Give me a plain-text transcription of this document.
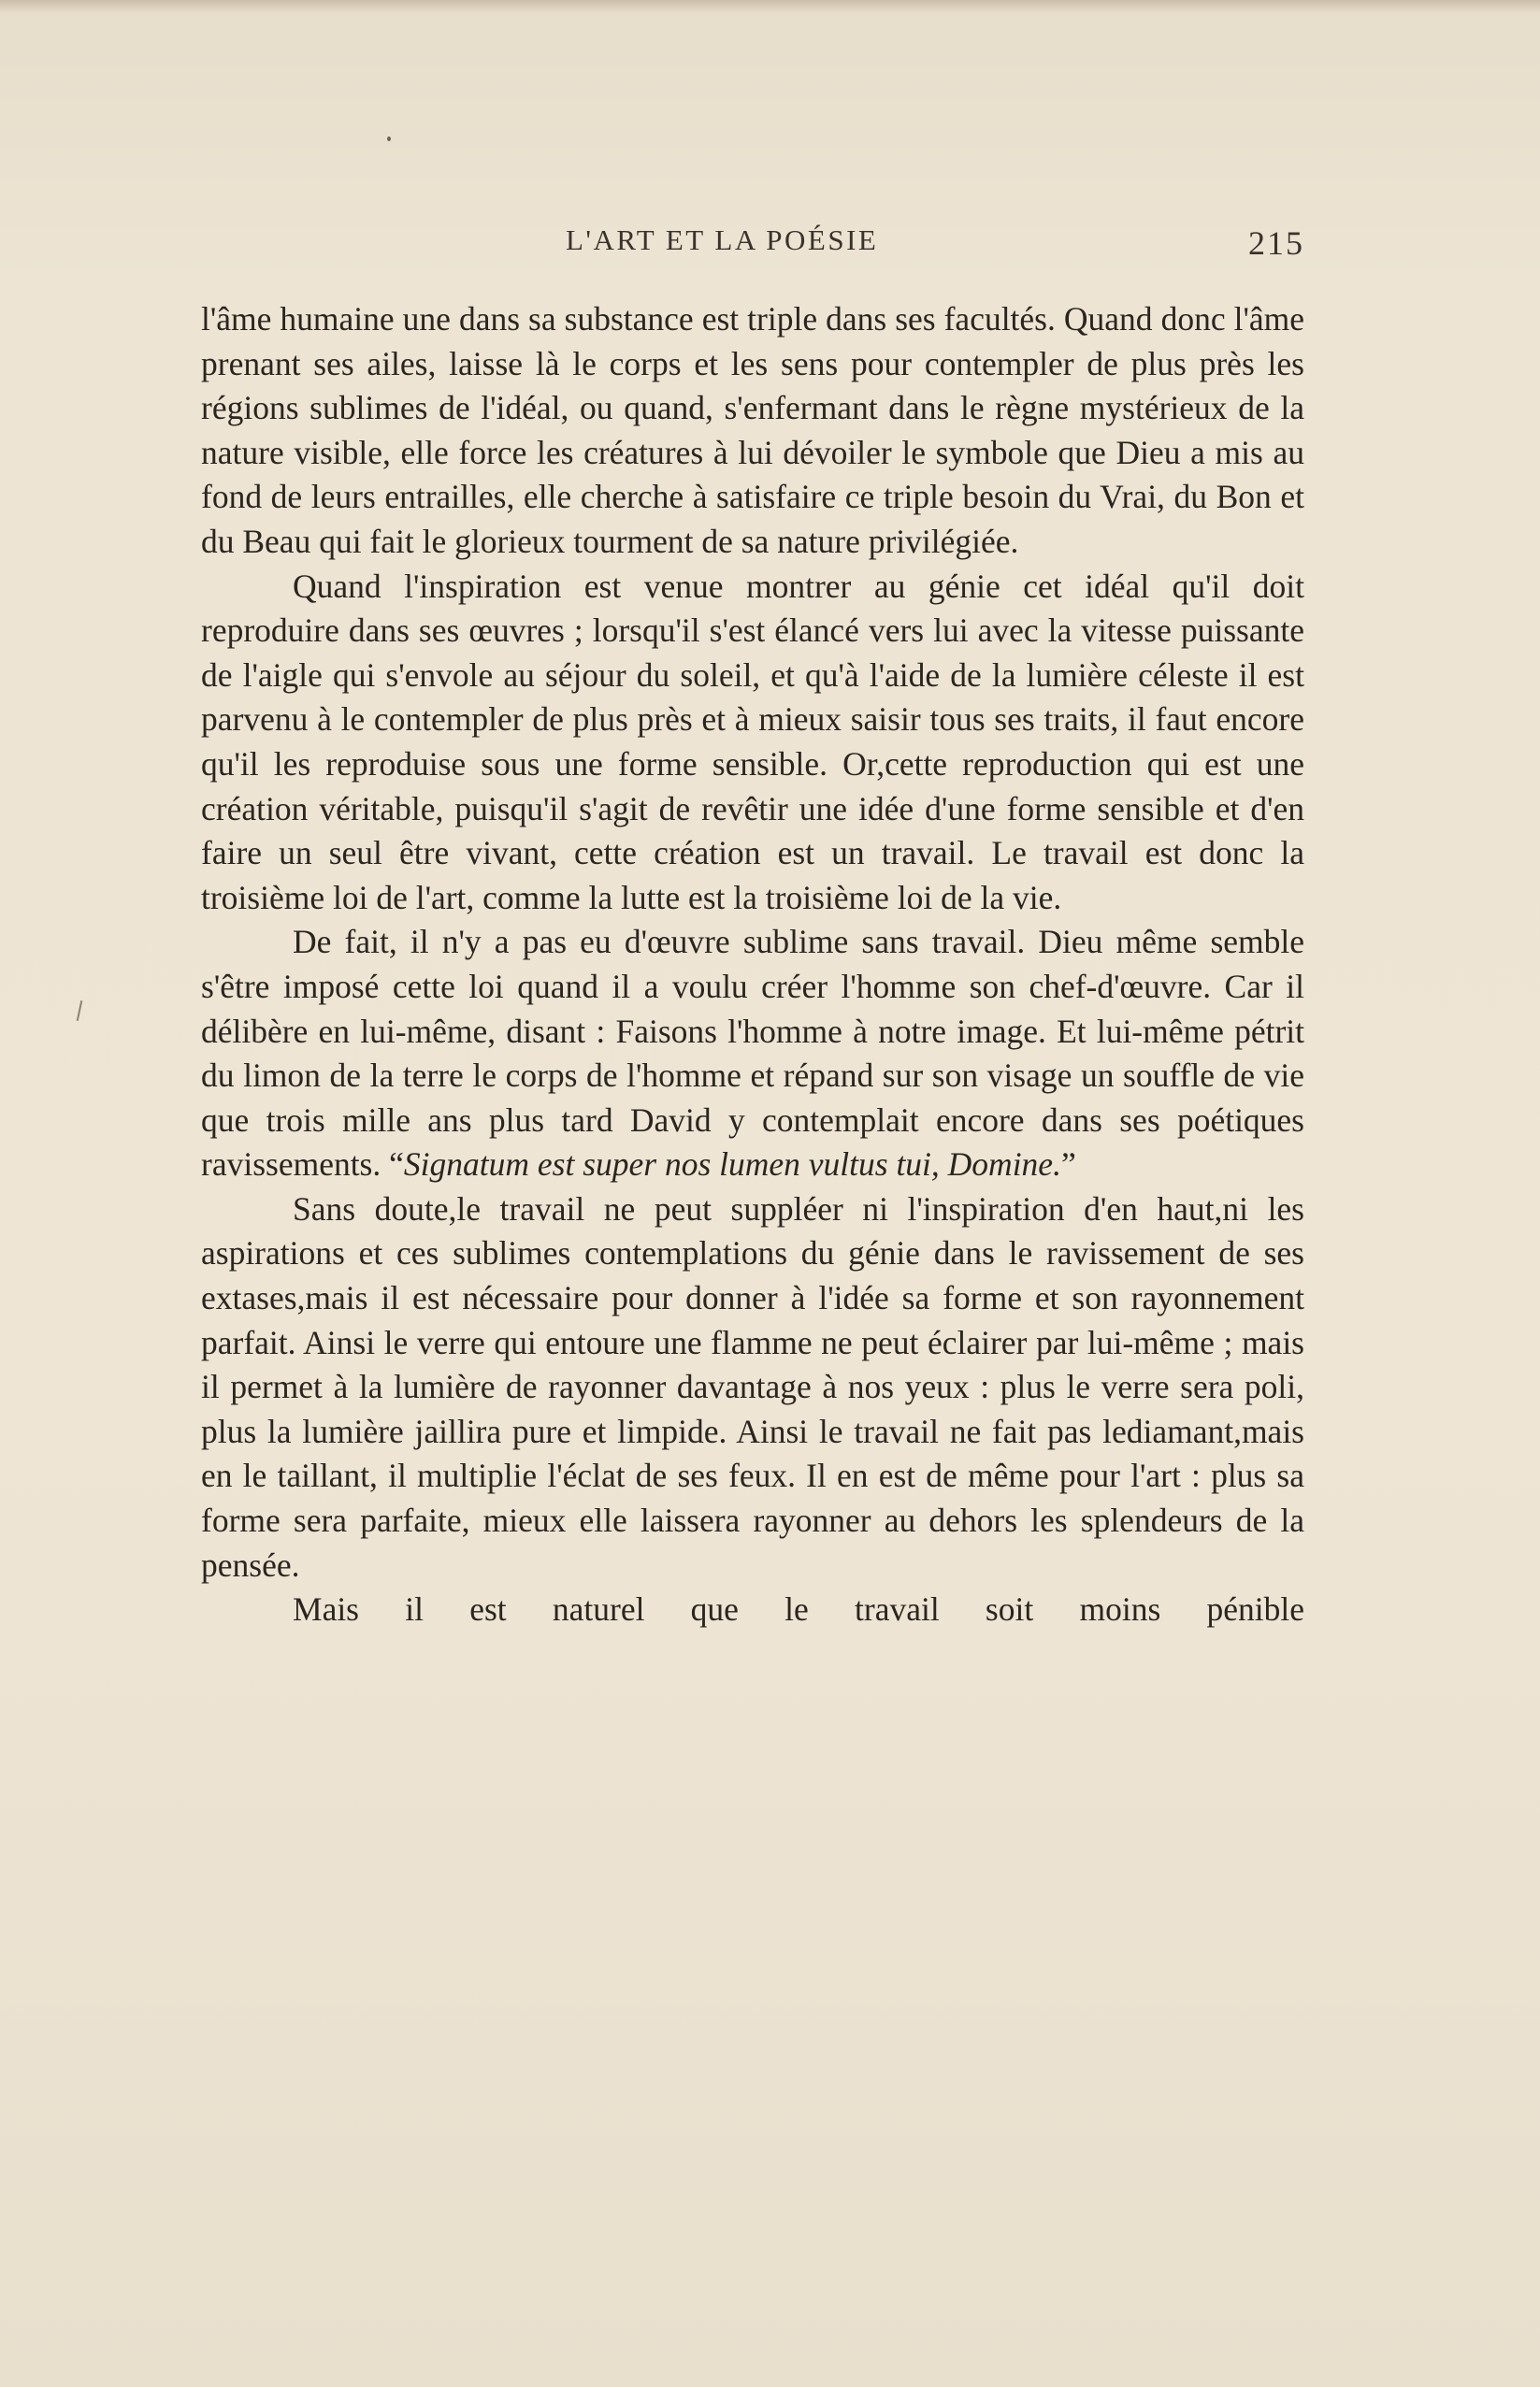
L'ART ET LA POÉSIE	215

l'âme humaine une dans sa substance est triple dans ses facultés. Quand donc l'âme prenant ses ailes, laisse là le corps et les sens pour contempler de plus près les régions sublimes de l'idéal, ou quand, s'enfermant dans le règne mystérieux de la nature visible, elle force les créatures à lui dévoiler le symbole que Dieu a mis au fond de leurs entrailles, elle cherche à satisfaire ce triple besoin du Vrai, du Bon et du Beau qui fait le glorieux tourment de sa nature privilégiée.

Quand l'inspiration est venue montrer au génie cet idéal qu'il doit reproduire dans ses œuvres ; lorsqu'il s'est élancé vers lui avec la vitesse puissante de l'aigle qui s'envole au séjour du soleil, et qu'à l'aide de la lumière céleste il est parvenu à le contempler de plus près et à mieux saisir tous ses traits, il faut encore qu'il les reproduise sous une forme sensible. Or,cette reproduction qui est une création véritable, puisqu'il s'agit de revêtir une idée d'une forme sensible et d'en faire un seul être vivant, cette création est un travail. Le travail est donc la troisième loi de l'art, comme la lutte est la troisième loi de la vie.

De fait, il n'y a pas eu d'œuvre sublime sans travail. Dieu même semble s'être imposé cette loi quand il a voulu créer l'homme son chef-d'œuvre. Car il délibère en lui-même, disant : Faisons l'homme à notre image. Et lui-même pétrit du limon de la terre le corps de l'homme et répand sur son visage un souffle de vie que trois mille ans plus tard David y contemplait encore dans ses poétiques ravissements. “Signatum est super nos lumen vultus tui, Domine.”

Sans doute,le travail ne peut suppléer ni l'inspiration d'en haut,ni les aspirations et ces sublimes contemplations du génie dans le ravissement de ses extases,mais il est nécessaire pour donner à l'idée sa forme et son rayonnement parfait. Ainsi le verre qui entoure une flamme ne peut éclairer par lui-même ; mais il permet à la lumière de rayonner davantage à nos yeux : plus le verre sera poli, plus la lumière jaillira pure et limpide. Ainsi le travail ne fait pas lediamant,mais en le taillant, il multiplie l'éclat de ses feux. Il en est de même pour l'art : plus sa forme sera parfaite, mieux elle laissera rayonner au dehors les splendeurs de la pensée.

Mais il est naturel que le travail soit moins pénible
